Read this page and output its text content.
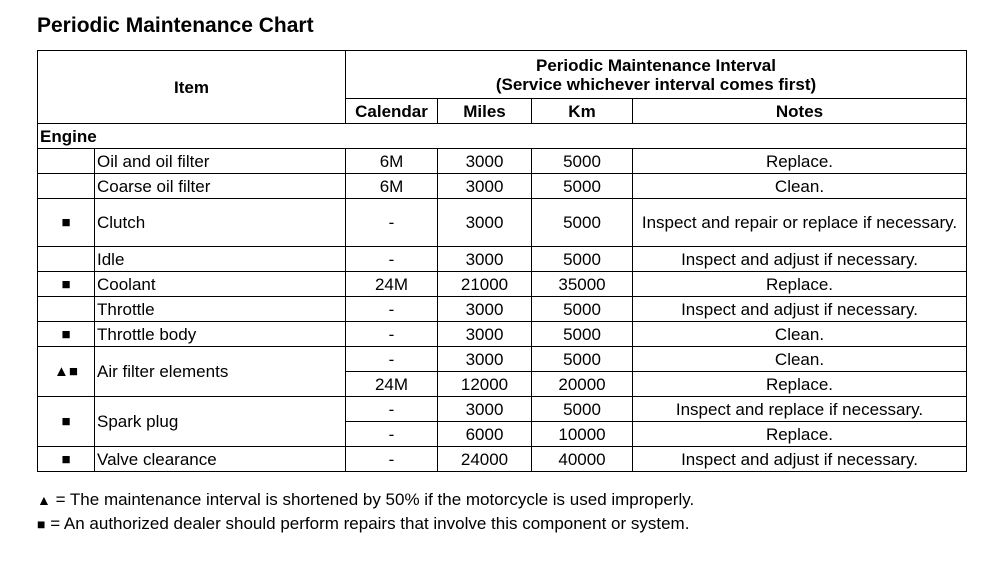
Periodic Maintenance Chart
Item		Periodic Maintenance Interval
(Service whichever interval comes first)			

		Calendar	Miles	Km	Notes
Engine					
	Oil and oil filter	6M	3000	5000	Replace.
	Coarse oil filter	6M	3000	5000	Clean.
■	Clutch	-	3000	5000	Inspect and repair or replace if necessary.
	Idle	-	3000	5000	Inspect and adjust if necessary.
■	Coolant	24M	21000	35000	Replace.
	Throttle	-	3000	5000	Inspect and adjust if necessary.
■	Throttle body	-	3000	5000	Clean.
▲■	Air filter elements	-	3000	5000	Clean.
		24M	12000	20000	Replace.
■	Spark plug	-	3000	5000	Inspect and replace if necessary.
		-	6000	10000	Replace.
■	Valve clearance	-	24000	40000	Inspect and adjust if necessary.
▲ = The maintenance interval is shortened by 50% if the motorcycle is used improperly.
■ = An authorized dealer should perform repairs that involve this component or system.
